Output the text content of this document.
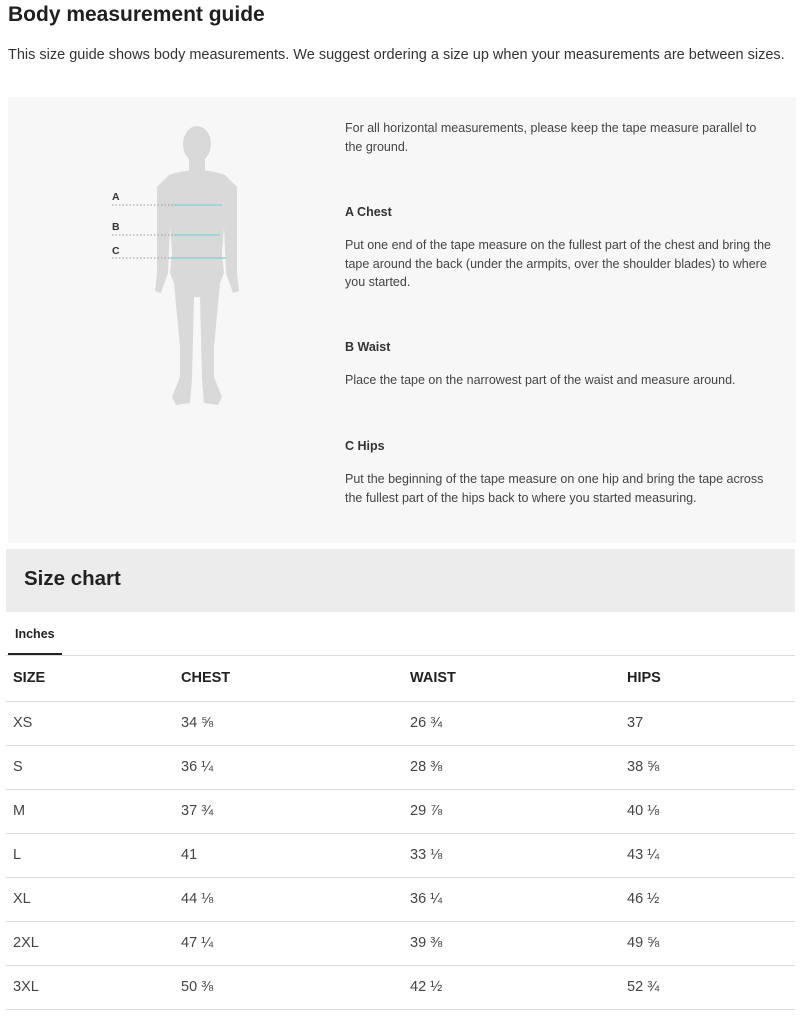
Body measurement guide
This size guide shows body measurements. We suggest ordering a size up when your measurements are between sizes.
A
B
C

For all horizontal measurements, please keep the tape measure parallel to the ground.

A Chest

Put one end of the tape measure on the fullest part of the chest and bring the tape around the back (under the armpits, over the shoulder blades) to where you started.

B Waist

Place the tape on the narrowest part of the waist and measure around.

C Hips

Put the beginning of the tape measure on one hip and bring the tape across the fullest part of the hips back to where you started measuring.

Size chart
Inches
SIZE	CHEST	WAIST	HIPS
XS	34 ⅝	26 ¾	37
S	36 ¼	28 ⅜	38 ⅝
M	37 ¾	29 ⅞	40 ⅛
L	41	33 ⅛	43 ¼
XL	44 ⅛	36 ¼	46 ½
2XL	47 ¼	39 ⅜	49 ⅝
3XL	50 ⅜	42 ½	52 ¾
